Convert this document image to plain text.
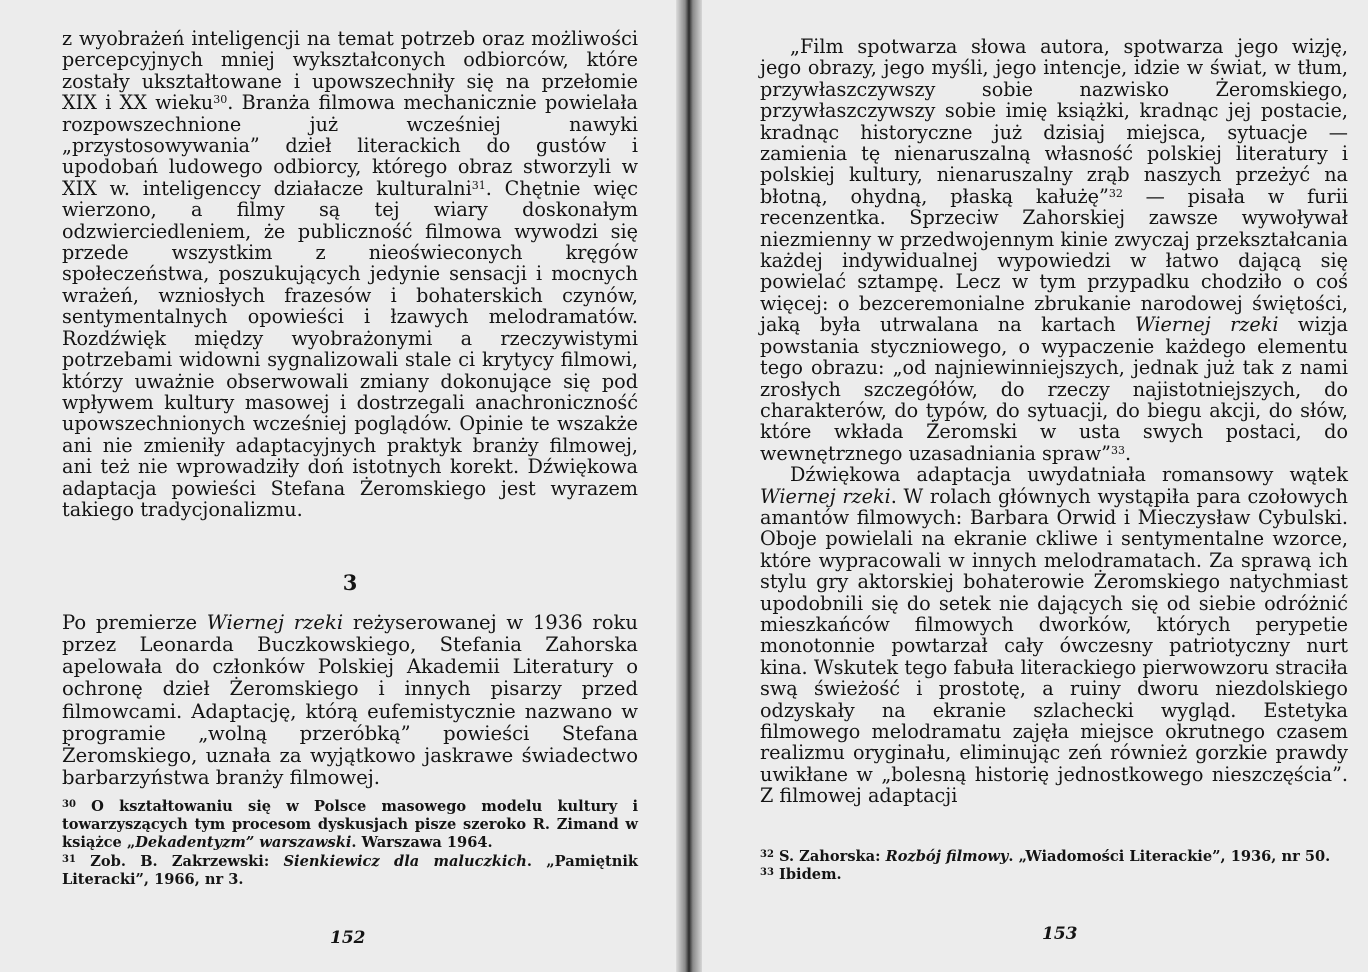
z wyobrażeń inteligencji na temat potrzeb oraz możliwości percepcyjnych mniej wykształconych odbiorców, które zostały ukształtowane i upowszechniły się na przełomie XIX i XX wieku$^{30}$. Branża filmowa mechanicznie powielała rozpowszechnione już wcześniej nawyki „przystosowywania” dzieł literackich do gustów i upodobań ludowego odbiorcy, którego obraz stworzyli w XIX w. inteligenccy działacze kulturalni$^{31}$. Chętnie więc wierzono, a filmy są tej wiary doskonałym odzwierciedleniem, że publiczność filmowa wywodzi się przede wszystkim z nieoświeconych kręgów społeczeństwa, poszukujących jedynie sensacji i mocnych wrażeń, wzniosłych frazesów i bohaterskich czynów, sentymentalnych opowieści i łzawych melodramatów. Rozdźwięk między wyobrażonymi a rzeczywistymi potrzebami widowni sygnalizowali stale ci krytycy filmowi, którzy uważnie obserwowali zmiany dokonujące się pod wpływem kultury masowej i dostrzegali anachroniczność upowszechnionych wcześniej poglądów. Opinie te wszakże ani nie zmieniły adaptacyjnych praktyk branży filmowej, ani też nie wprowadziły doń istotnych korekt. Dźwiękowa adaptacja powieści Stefana Żeromskiego jest wyrazem takiego tradycjonalizmu.

3

Po premierze Wiernej rzeki reżyserowanej w 1936 roku przez Leonarda Buczkowskiego, Stefania Zahorska apelowała do członków Polskiej Akademii Literatury o ochronę dzieł Żeromskiego i innych pisarzy przed filmowcami. Adaptację, którą eufemistycznie nazwano w programie „wolną przeróbką” powieści Stefana Żeromskiego, uznała za wyjątkowo jaskrawe świadectwo barbarzyństwa branży filmowej.

$^{30}$ O kształtowaniu się w Polsce masowego modelu kultury i towarzyszących tym procesom dyskusjach pisze szeroko R. Zimand w książce „Dekadentyzm” warszawski. Warszawa 1964.

$^{31}$ Zob. B. Zakrzewski: Sienkiewicz dla maluczkich. „Pamiętnik Literacki”, 1966, nr 3.

152

„Film spotwarza słowa autora, spotwarza jego wizję, jego obrazy, jego myśli, jego intencje, idzie w świat, w tłum, przywłaszczywszy sobie nazwisko Żeromskiego, przywłaszczywszy sobie imię książki, kradnąc jej postacie, kradnąc historyczne już dzisiaj miejsca, sytuacje — zamienia tę nienaruszalną własność polskiej literatury i polskiej kultury, nienaruszalny zrąb naszych przeżyć na błotną, ohydną, płaską kałużę”$^{32}$ — pisała w furii recenzentka. Sprzeciw Zahorskiej zawsze wywoływał niezmienny w przedwojennym kinie zwyczaj przekształcania każdej indywidualnej wypowiedzi w łatwo dającą się powielać sztampę. Lecz w tym przypadku chodziło o coś więcej: o bezceremonialne zbrukanie narodowej świętości, jaką była utrwalana na kartach Wiernej rzeki wizja powstania styczniowego, o wypaczenie każdego elementu tego obrazu: „od najniewinniejszych, jednak już tak z nami zrosłych szczegółów, do rzeczy najistotniejszych, do charakterów, do typów, do sytuacji, do biegu akcji, do słów, które wkłada Żeromski w usta swych postaci, do wewnętrznego uzasadniania spraw”$^{33}$.

Dźwiękowa adaptacja uwydatniała romansowy wątek Wiernej rzeki. W rolach głównych wystąpiła para czołowych amantów filmowych: Barbara Orwid i Mieczysław Cybulski. Oboje powielali na ekranie ckliwe i sentymentalne wzorce, które wypracowali w innych melodramatach. Za sprawą ich stylu gry aktorskiej bohaterowie Żeromskiego natychmiast upodobnili się do setek nie dających się od siebie odróżnić mieszkańców filmowych dworków, których perypetie monotonnie powtarzał cały ówczesny patriotyczny nurt kina. Wskutek tego fabuła literackiego pierwowzoru straciła swą świeżość i prostotę, a ruiny dworu niezdolskiego odzyskały na ekranie szlachecki wygląd. Estetyka filmowego melodramatu zajęła miejsce okrutnego czasem realizmu oryginału, eliminując zeń również gorzkie prawdy uwikłane w „bolesną historię jednostkowego nieszczęścia”. Z filmowej adaptacji

$^{32}$ S. Zahorska: Rozbój filmowy. „Wiadomości Literackie”, 1936, nr 50.

$^{33}$ Ibidem.

153
